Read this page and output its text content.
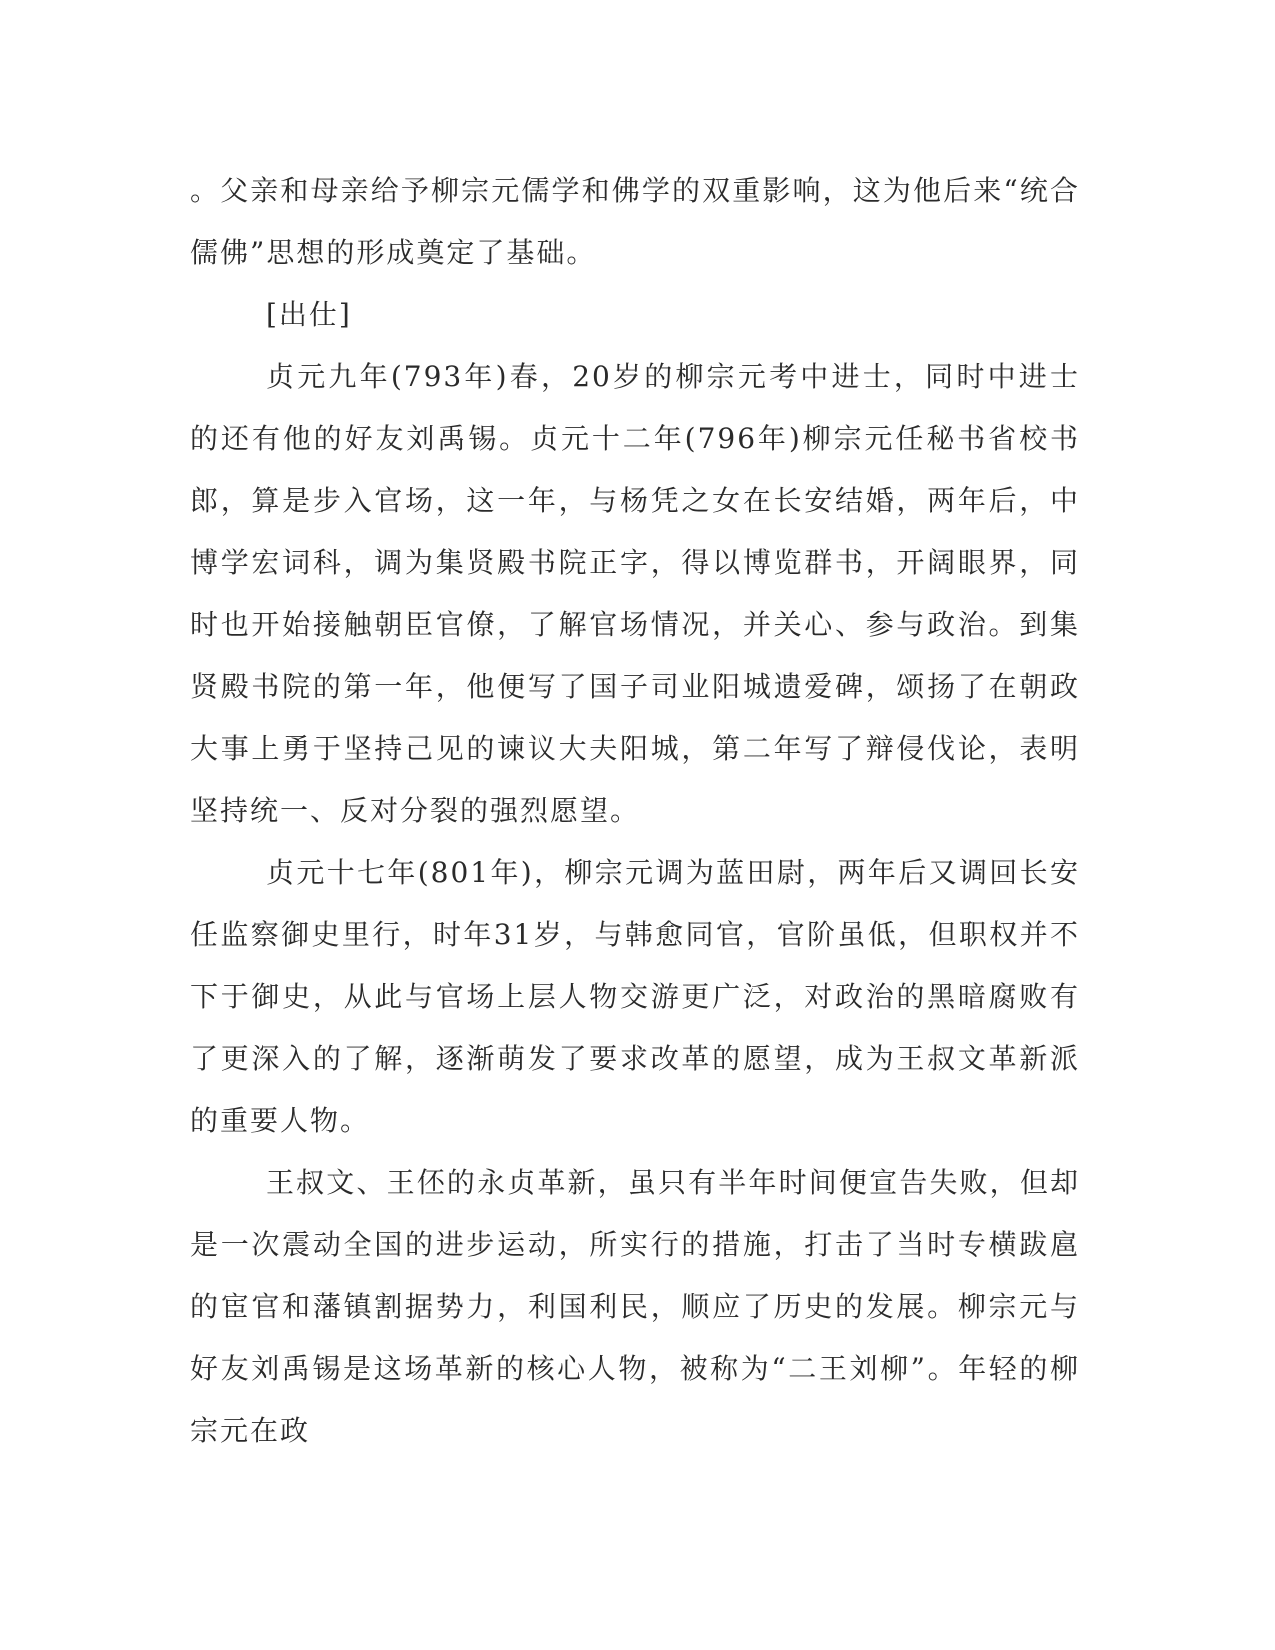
。父亲和母亲给予柳宗元儒学和佛学的双重影响，这为他后来“统合儒佛”思想的形成奠定了基础。

[出仕]

贞元九年(793年)春，20岁的柳宗元考中进士，同时中进士的还有他的好友刘禹锡。贞元十二年(796年)柳宗元任秘书省校书郎，算是步入官场，这一年，与杨凭之女在长安结婚，两年后，中博学宏词科，调为集贤殿书院正字，得以博览群书，开阔眼界，同时也开始接触朝臣官僚，了解官场情况，并关心、参与政治。到集贤殿书院的第一年，他便写了国子司业阳城遗爱碑，颂扬了在朝政大事上勇于坚持己见的谏议大夫阳城，第二年写了辩侵伐论，表明坚持统一、反对分裂的强烈愿望。

贞元十七年(801年)，柳宗元调为蓝田尉，两年后又调回长安任监察御史里行，时年31岁，与韩愈同官，官阶虽低，但职权并不下于御史，从此与官场上层人物交游更广泛，对政治的黑暗腐败有了更深入的了解，逐渐萌发了要求改革的愿望，成为王叔文革新派的重要人物。

王叔文、王伾的永贞革新，虽只有半年时间便宣告失败，但却是一次震动全国的进步运动，所实行的措施，打击了当时专横跋扈的宦官和藩镇割据势力，利国利民，顺应了历史的发展。柳宗元与好友刘禹锡是这场革新的核心人物，被称为“二王刘柳”。年轻的柳宗元在政
